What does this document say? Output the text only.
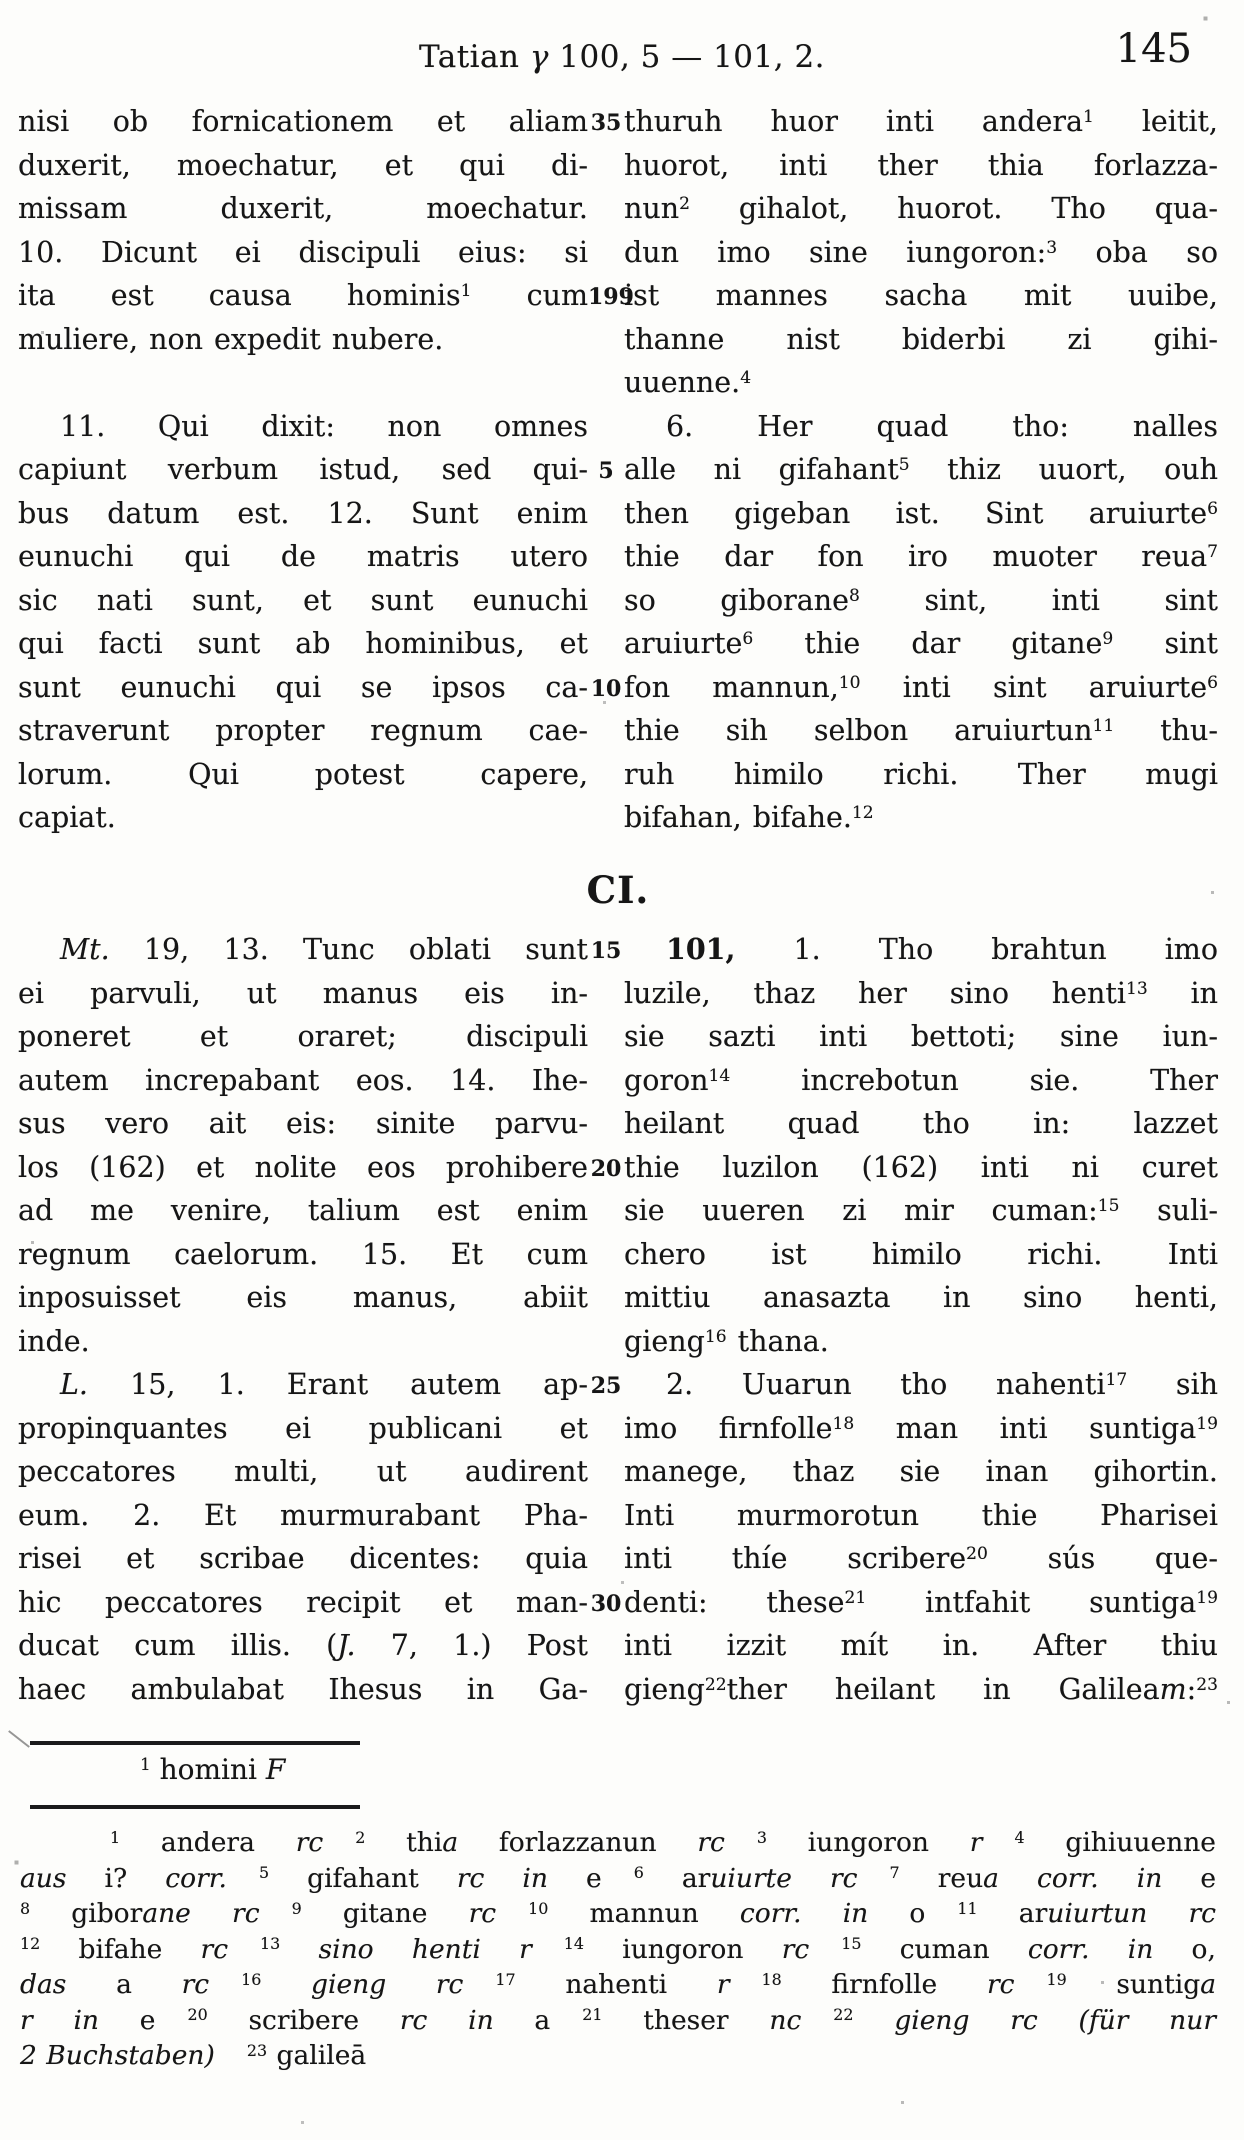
Tatian γ 100, 5 — 101, 2.	145
nisi ob fornicationem et aliam 35 thuruh huor inti andera$^1$ leitit,
duxerit, moechatur, et qui di- huorot, inti ther thia forlazza-
missam duxerit, moechatur. nun$^2$ gihalot, huorot. Tho qua-
10. Dicunt ei discipuli eius: si dun imo sine iungoron:$^3$ oba so
ita est causa hominis$^1$ cum 199
ist mannes sacha mit uuibe,
muliere, non expedit nubere.	thanne nist biderbi zi gihi-
uuenne.$^4$
11. Qui dixit: non omnes	6. Her quad tho: nalles
capiunt verbum istud, sed qui- 5 alle ni gifahant$^5$ thiz uuort, ouh
bus datum est. 12. Sunt enim then gigeban ist. Sint aruiurte$^6$
eunuchi qui de matris utero thie dar fon iro muoter reua$^7$
sic nati sunt, et sunt eunuchi so giborane$^8$ sint, inti sint
qui facti sunt ab hominibus, et aruiurte$^6$ thie dar gitane$^9$ sint
sunt eunuchi qui se ipsos ca- 10 fon mannun,$^{10}$ inti sint aruiurte$^6$
straverunt propter regnum cae- thie sih selbon aruiurtun$^{11}$ thu-
lorum. Qui potest capere, ruh himilo richi. Ther mugi
capiat.	bifahan, bifahe.$^{12}$
CI.
Mt. 19, 13. Tunc oblati sunt 15	101, 1. Tho brahtun imo
ei parvuli, ut manus eis in- luzile, thaz her sino henti$^{13}$ in
poneret et oraret; discipuli sie sazti inti bettoti; sine iun-
autem increpabant eos. 14. Ihe- goron$^{14}$ increbotun sie. Ther
sus vero ait eis: sinite parvu- heilant quad tho in: lazzet
los (162) et nolite eos prohibere 20 thie luzilon (162) inti ni curet
ad me venire, talium est enim sie uueren zi mir cuman:$^{15}$ suli-
regnum caelorum. 15. Et cum chero ist himilo richi. Inti
inposuisset eis manus, abiit mittiu anasazta in sino henti,
inde.	gieng$^{16}$ thana.
L. 15, 1. Erant autem ap- 25	2. Uuarun tho nahenti$^{17}$ sih
propinquantes ei publicani et imo firnfolle$^{18}$ man inti suntiga$^{19}$
peccatores multi, ut audirent manege, thaz sie inan gihortin.
eum. 2. Et murmurabant Pha- Inti murmorotun thie Pharisei
risei et scribae dicentes: quia inti thíe scribere$^{20}$ sús que-
hic peccatores recipit et man- 30 denti: these$^{21}$ intfahit suntiga$^{19}$
ducat cum illis. (J. 7, 1.) Post inti izzit mít in. After thiu
haec ambulabat Ihesus in Ga- gieng$^{22}$ther heilant in Galileam:$^{23}$
$^1$ homini F
$^1$ andera rc $^2$ thia forlazzanun rc $^3$ iungoron r $^4$ gihiuuenne
aus i? corr. $^5$ gifahant rc in e $^6$ aruiurte rc $^7$ reua corr. in e
$^8$ giborane rc $^9$ gitane rc $^{10}$ mannun corr. in o $^{11}$ aruiurtun rc
$^{12}$ bifahe rc $^{13}$ sino henti r $^{14}$ iungoron rc $^{15}$ cuman corr. in o,
das a rc $^{16}$ gieng rc $^{17}$ nahenti r $^{18}$ firnfolle rc $^{19}$ suntiga
r in e $^{20}$ scribere rc in a $^{21}$ theser nc $^{22}$ gieng rc (für nur
2 Buchstaben) $^{23}$ galileā
